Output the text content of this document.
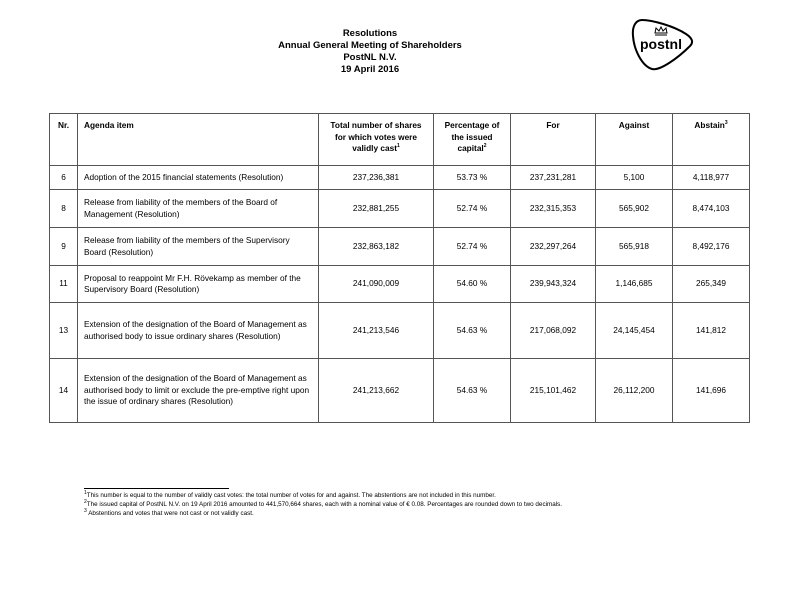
Resolutions
Annual General Meeting of Shareholders
PostNL N.V.
19 April 2016
postnl
Nr.	Agenda item	Total number of shares for which votes were validly cast$^1$	Percentage of the issued capital$^2$	For	Against	Abstain$^3$
6	Adoption of the 2015 financial statements (Resolution)	237,236,381	53.73 %	237,231,281	5,100	4,118,977
8	Release from liability of the members of the Board of Management (Resolution)	232,881,255	52.74 %	232,315,353	565,902	8,474,103
9	Release from liability of the members of the Supervisory Board (Resolution)	232,863,182	52.74 %	232,297,264	565,918	8,492,176
11	Proposal to reappoint Mr F.H. Rövekamp as member of the Supervisory Board (Resolution)	241,090,009	54.60 %	239,943,324	1,146,685	265,349
13	Extension of the designation of the Board of Management as authorised body to issue ordinary shares (Resolution)	241,213,546	54.63 %	217,068,092	24,145,454	141,812
14	Extension of the designation of the Board of Management as authorised body to limit or exclude the pre-emptive right upon the issue of ordinary shares (Resolution)	241,213,662	54.63 %	215,101,462	26,112,200	141,696
$^1$This number is equal to the number of validly cast votes: the total number of votes for and against. The abstentions are not included in this number.
$^2$The issued capital of PostNL N.V. on 19 April 2016 amounted to 441,570,664 shares, each with a nominal value of € 0.08. Percentages are rounded down to two decimals.
$^3$ Abstentions and votes that were not cast or not validly cast.
